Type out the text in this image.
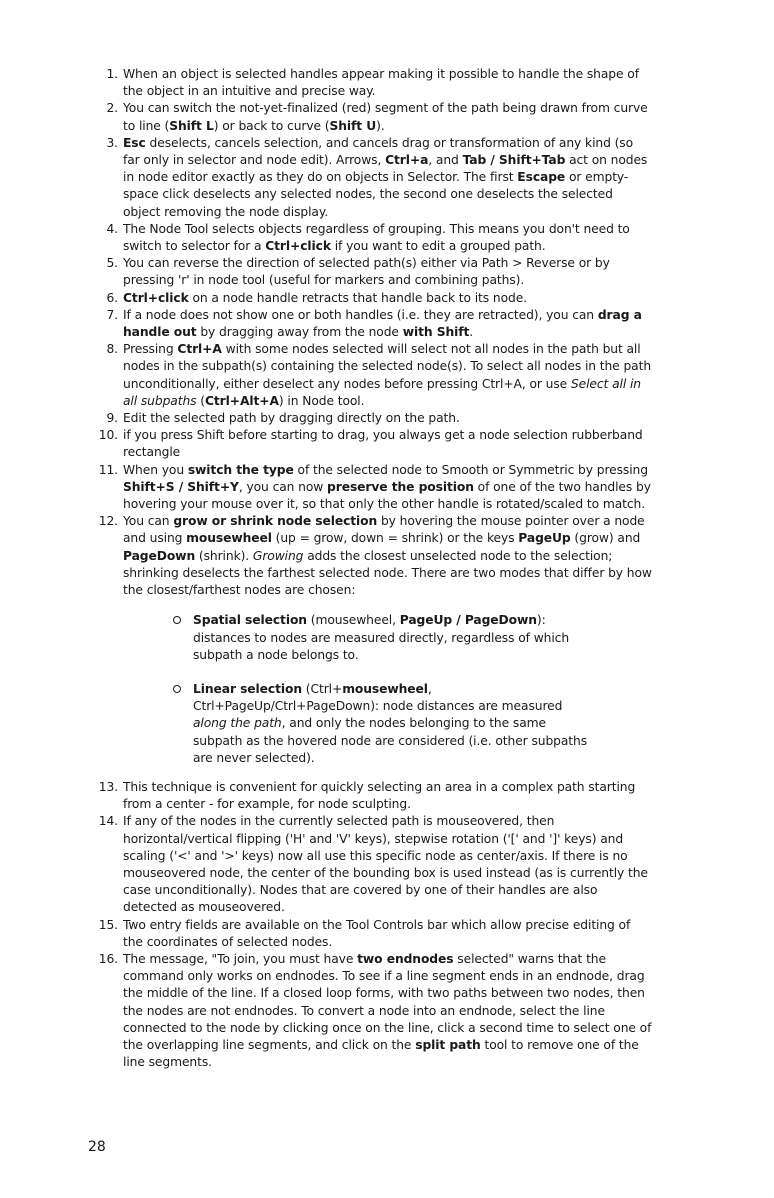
1. When an object is selected handles appear making it possible to handle the shape of the object in an intuitive and precise way.
2. You can switch the not-yet-finalized (red) segment of the path being drawn from curve to line (Shift L) or back to curve (Shift U).
3. Esc deselects, cancels selection, and cancels drag or transformation of any kind (so far only in selector and node edit). Arrows, Ctrl+a, and Tab / Shift+Tab act on nodes in node editor exactly as they do on objects in Selector. The first Escape or empty-space click deselects any selected nodes, the second one deselects the selected object removing the node display.
4. The Node Tool selects objects regardless of grouping. This means you don't need to switch to selector for a Ctrl+click if you want to edit a grouped path.
5. You can reverse the direction of selected path(s) either via Path > Reverse or by pressing 'r' in node tool (useful for markers and combining paths).
6. Ctrl+click on a node handle retracts that handle back to its node.
7. If a node does not show one or both handles (i.e. they are retracted), you can drag a handle out by dragging away from the node with Shift.
8. Pressing Ctrl+A with some nodes selected will select not all nodes in the path but all nodes in the subpath(s) containing the selected node(s). To select all nodes in the path unconditionally, either deselect any nodes before pressing Ctrl+A, or use Select all in all subpaths (Ctrl+Alt+A) in Node tool.
9. Edit the selected path by dragging directly on the path.
10. if you press Shift before starting to drag, you always get a node selection rubberband rectangle
11. When you switch the type of the selected node to Smooth or Symmetric by pressing Shift+S / Shift+Y, you can now preserve the position of one of the two handles by hovering your mouse over it, so that only the other handle is rotated/scaled to match.
12. You can grow or shrink node selection by hovering the mouse pointer over a node and using mousewheel (up = grow, down = shrink) or the keys PageUp (grow) and PageDown (shrink). Growing adds the closest unselected node to the selection; shrinking deselects the farthest selected node. There are two modes that differ by how the closest/farthest nodes are chosen:
Spatial selection (mousewheel, PageUp / PageDown): distances to nodes are measured directly, regardless of which subpath a node belongs to.
Linear selection (Ctrl+mousewheel, Ctrl+PageUp/Ctrl+PageDown): node distances are measured along the path, and only the nodes belonging to the same subpath as the hovered node are considered (i.e. other subpaths are never selected).
13. This technique is convenient for quickly selecting an area in a complex path starting from a center - for example, for node sculpting.
14. If any of the nodes in the currently selected path is mouseovered, then horizontal/vertical flipping ('H' and 'V' keys), stepwise rotation ('[' and ']' keys) and scaling ('<' and '>' keys) now all use this specific node as center/axis. If there is no mouseovered node, the center of the bounding box is used instead (as is currently the case unconditionally). Nodes that are covered by one of their handles are also detected as mouseovered.
15. Two entry fields are available on the Tool Controls bar which allow precise editing of the coordinates of selected nodes.
16. The message, "To join, you must have two endnodes selected" warns that the command only works on endnodes. To see if a line segment ends in an endnode, drag the middle of the line. If a closed loop forms, with two paths between two nodes, then the nodes are not endnodes. To convert a node into an endnode, select the line connected to the node by clicking once on the line, click a second time to select one of the overlapping line segments, and click on the split path tool to remove one of the line segments.
28
